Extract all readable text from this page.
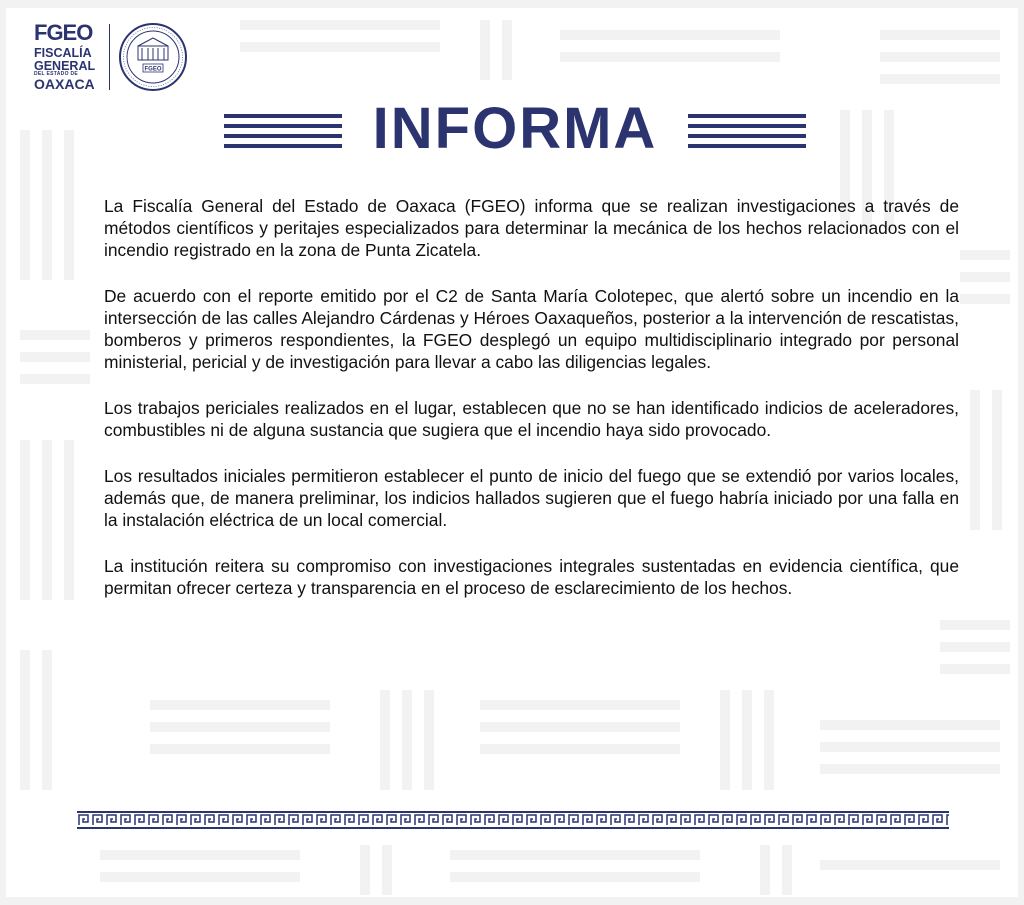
FGEO
FISCALÍA
GENERAL
DEL ESTADO DE
OAXACA
FGEO
INFORMA

La Fiscalía General del Estado de Oaxaca (FGEO) informa que se realizan investigaciones a través de métodos científicos y peritajes especializados para determinar la mecánica de los hechos relacionados con el incendio registrado en la zona de Punta Zicatela.

De acuerdo con el reporte emitido por el C2 de Santa María Colotepec, que alertó sobre un incendio en la intersección de las calles Alejandro Cárdenas y Héroes Oaxaqueños, posterior a la intervención de rescatistas, bomberos y primeros respondientes, la FGEO desplegó un equipo multidisciplinario integrado por personal ministerial, pericial y de investigación para llevar a cabo las diligencias legales.

Los trabajos periciales realizados en el lugar, establecen que no se han identificado indicios de aceleradores, combustibles ni de alguna sustancia que sugiera que el incendio haya sido provocado.

Los resultados iniciales permitieron establecer el punto de inicio del fuego que se extendió por varios locales, además que, de manera preliminar, los indicios hallados sugieren que el fuego habría iniciado por una falla en la instalación eléctrica de un local comercial.

La institución reitera su compromiso con investigaciones integrales sustentadas en evidencia científica, que permitan ofrecer certeza y transparencia en el proceso de esclarecimiento de los hechos.
